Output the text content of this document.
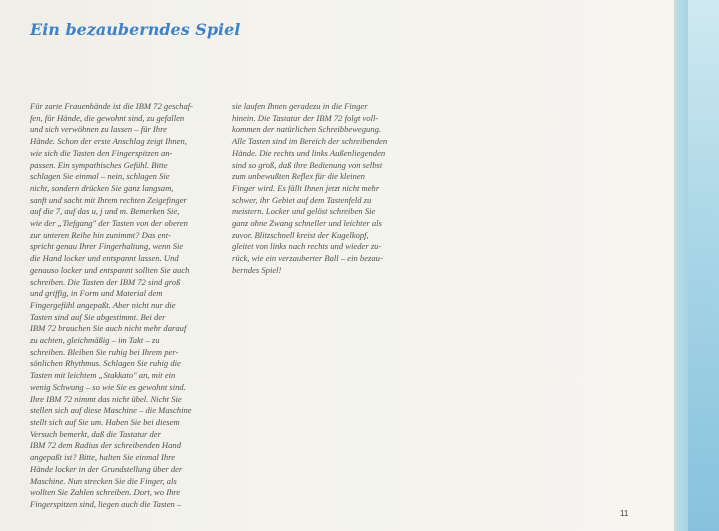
Ein bezauberndes Spiel
Für zarte Frauenhände ist die IBM 72 geschaf-
fen, für Hände, die gewohnt sind, zu gefallen
und sich verwöhnen zu lassen – für Ihre
Hände. Schon der erste Anschlag zeigt Ihnen,
wie sich die Tasten den Fingerspitzen an-
passen. Ein sympathisches Gefühl. Bitte
schlagen Sie einmal – nein, schlagen Sie
nicht, sondern drücken Sie ganz langsam,
sanft und sacht mit Ihrem rechten Zeigefinger
auf die 7, auf das u, j und m. Bemerken Sie,
wie der „Tiefgang" der Tasten von der oberen
zur unteren Reihe hin zunimmt? Das ent-
spricht genau Ihrer Fingerhaltung, wenn Sie
die Hand locker und entspannt lassen. Und
genauso locker und entspannt sollten Sie auch
schreiben. Die Tasten der IBM 72 sind groß
und griffig, in Form und Material dem
Fingergefühl angepaßt. Aber nicht nur die
Tasten sind auf Sie abgestimmt. Bei der
IBM 72 brauchen Sie auch nicht mehr darauf
zu achten, gleichmäßig – im Takt – zu
schreiben. Bleiben Sie ruhig bei Ihrem per-
sönlichen Rhythmus. Schlagen Sie ruhig die
Tasten mit leichtem „Stakkato" an, mit ein
wenig Schwung – so wie Sie es gewohnt sind.
Ihre IBM 72 nimmt das nicht übel. Nicht Sie
stellen sich auf diese Maschine – die Maschine
stellt sich auf Sie um. Haben Sie bei diesem
Versuch bemerkt, daß die Tastatur der
IBM 72 dem Radius der schreibenden Hand
angepaßt ist? Bitte, halten Sie einmal Ihre
Hände locker in der Grundstellung über der
Maschine. Nun strecken Sie die Finger, als
wollten Sie Zahlen schreiben. Dort, wo Ihre
Fingerspitzen sind, liegen auch die Tasten –
sie laufen Ihnen geradezu in die Finger
hinein. Die Tastatur der IBM 72 folgt voll-
kommen der natürlichen Schreibbewegung.
Alle Tasten sind im Bereich der schreibenden
Hände. Die rechts und links Außenliegenden
sind so groß, daß ihre Bedienung von selbst
zum unbewußten Reflex für die kleinen
Finger wird. Es fällt Ihnen jetzt nicht mehr
schwer, ihr Gebiet auf dem Tastenfeld zu
meistern. Locker und gelöst schreiben Sie
ganz ohne Zwang schneller und leichter als
zuvor. Blitzschnell kreist der Kugelkopf,
gleitet von links nach rechts und wieder zu-
rück, wie ein verzauberter Ball – ein bezau-
berndes Spiel!
11
